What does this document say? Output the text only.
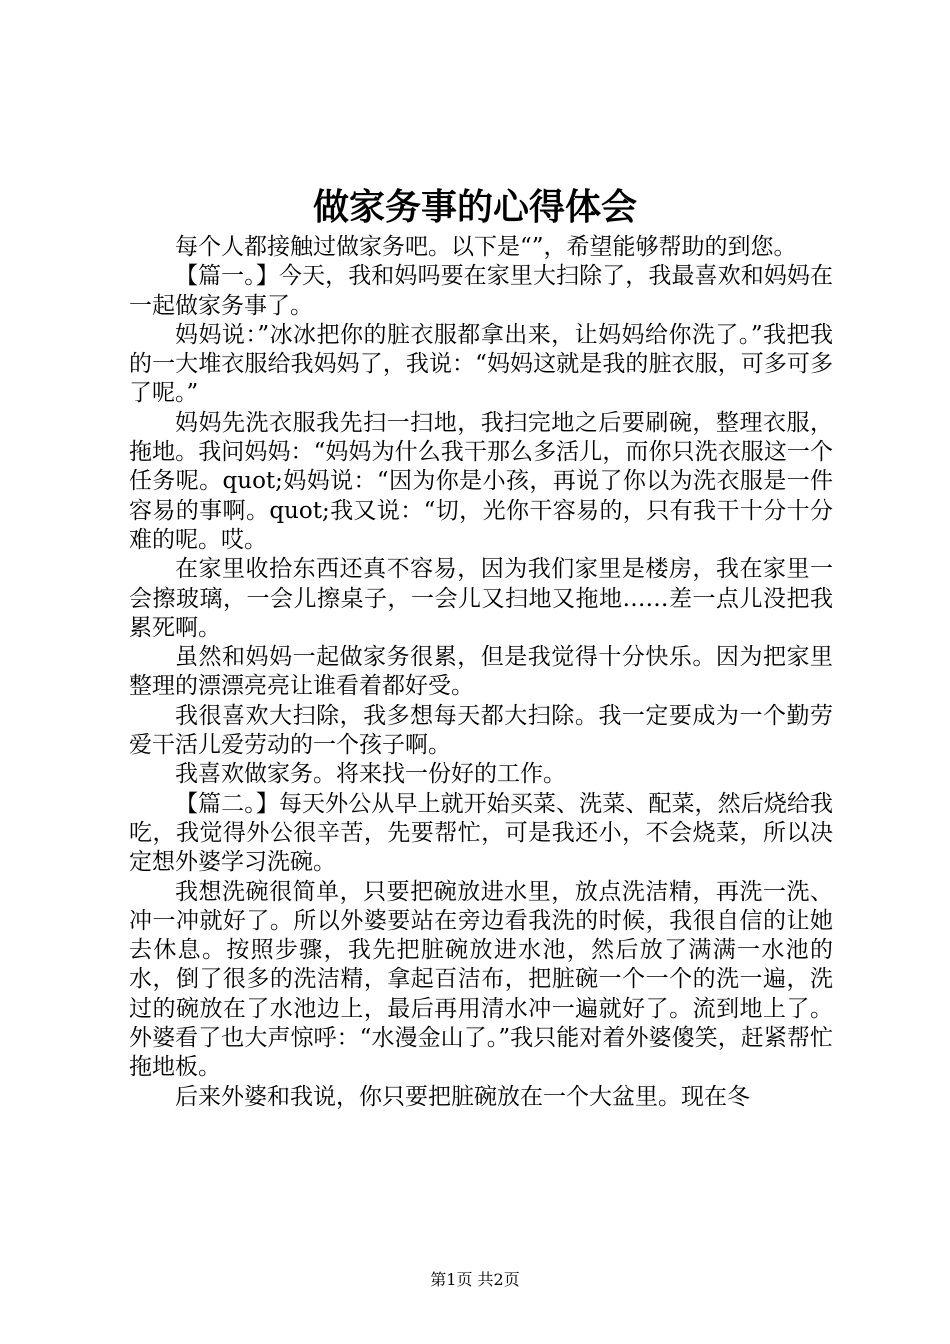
做家务事的心得体会

每个人都接触过做家务吧。以下是“”，希望能够帮助的到您。

【篇一。】今天，我和妈吗要在家里大扫除了，我最喜欢和妈妈在一起做家务事了。

妈妈说：”冰冰把你的脏衣服都拿出来，让妈妈给你洗了。”我把我的一大堆衣服给我妈妈了，我说：“妈妈这就是我的脏衣服，可多可多了呢。”

妈妈先洗衣服我先扫一扫地，我扫完地之后要刷碗，整理衣服，拖地。我问妈妈：“妈妈为什么我干那么多活儿，而你只洗衣服这一个任务呢。quot;妈妈说：“因为你是小孩，再说了你以为洗衣服是一件容易的事啊。quot;我又说：“切，光你干容易的，只有我干十分十分难的呢。哎。

在家里收拾东西还真不容易，因为我们家里是楼房，我在家里一会擦玻璃，一会儿擦桌子，一会儿又扫地又拖地……差一点儿没把我累死啊。

虽然和妈妈一起做家务很累，但是我觉得十分快乐。因为把家里整理的漂漂亮亮让谁看着都好受。

我很喜欢大扫除，我多想每天都大扫除。我一定要成为一个勤劳爱干活儿爱劳动的一个孩子啊。

我喜欢做家务。将来找一份好的工作。

【篇二。】每天外公从早上就开始买菜、洗菜、配菜，然后烧给我吃，我觉得外公很辛苦，先要帮忙，可是我还小，不会烧菜，所以决定想外婆学习洗碗。

我想洗碗很简单，只要把碗放进水里，放点洗洁精，再洗一洗、冲一冲就好了。所以外婆要站在旁边看我洗的时候，我很自信的让她去休息。按照步骤，我先把脏碗放进水池，然后放了满满一水池的水，倒了很多的洗洁精，拿起百洁布，把脏碗一个一个的洗一遍，洗过的碗放在了水池边上，最后再用清水冲一遍就好了。流到地上了。外婆看了也大声惊呼：“水漫金山了。”我只能对着外婆傻笑，赶紧帮忙拖地板。

后来外婆和我说，你只要把脏碗放在一个大盆里。现在冬

第1页 共2页
